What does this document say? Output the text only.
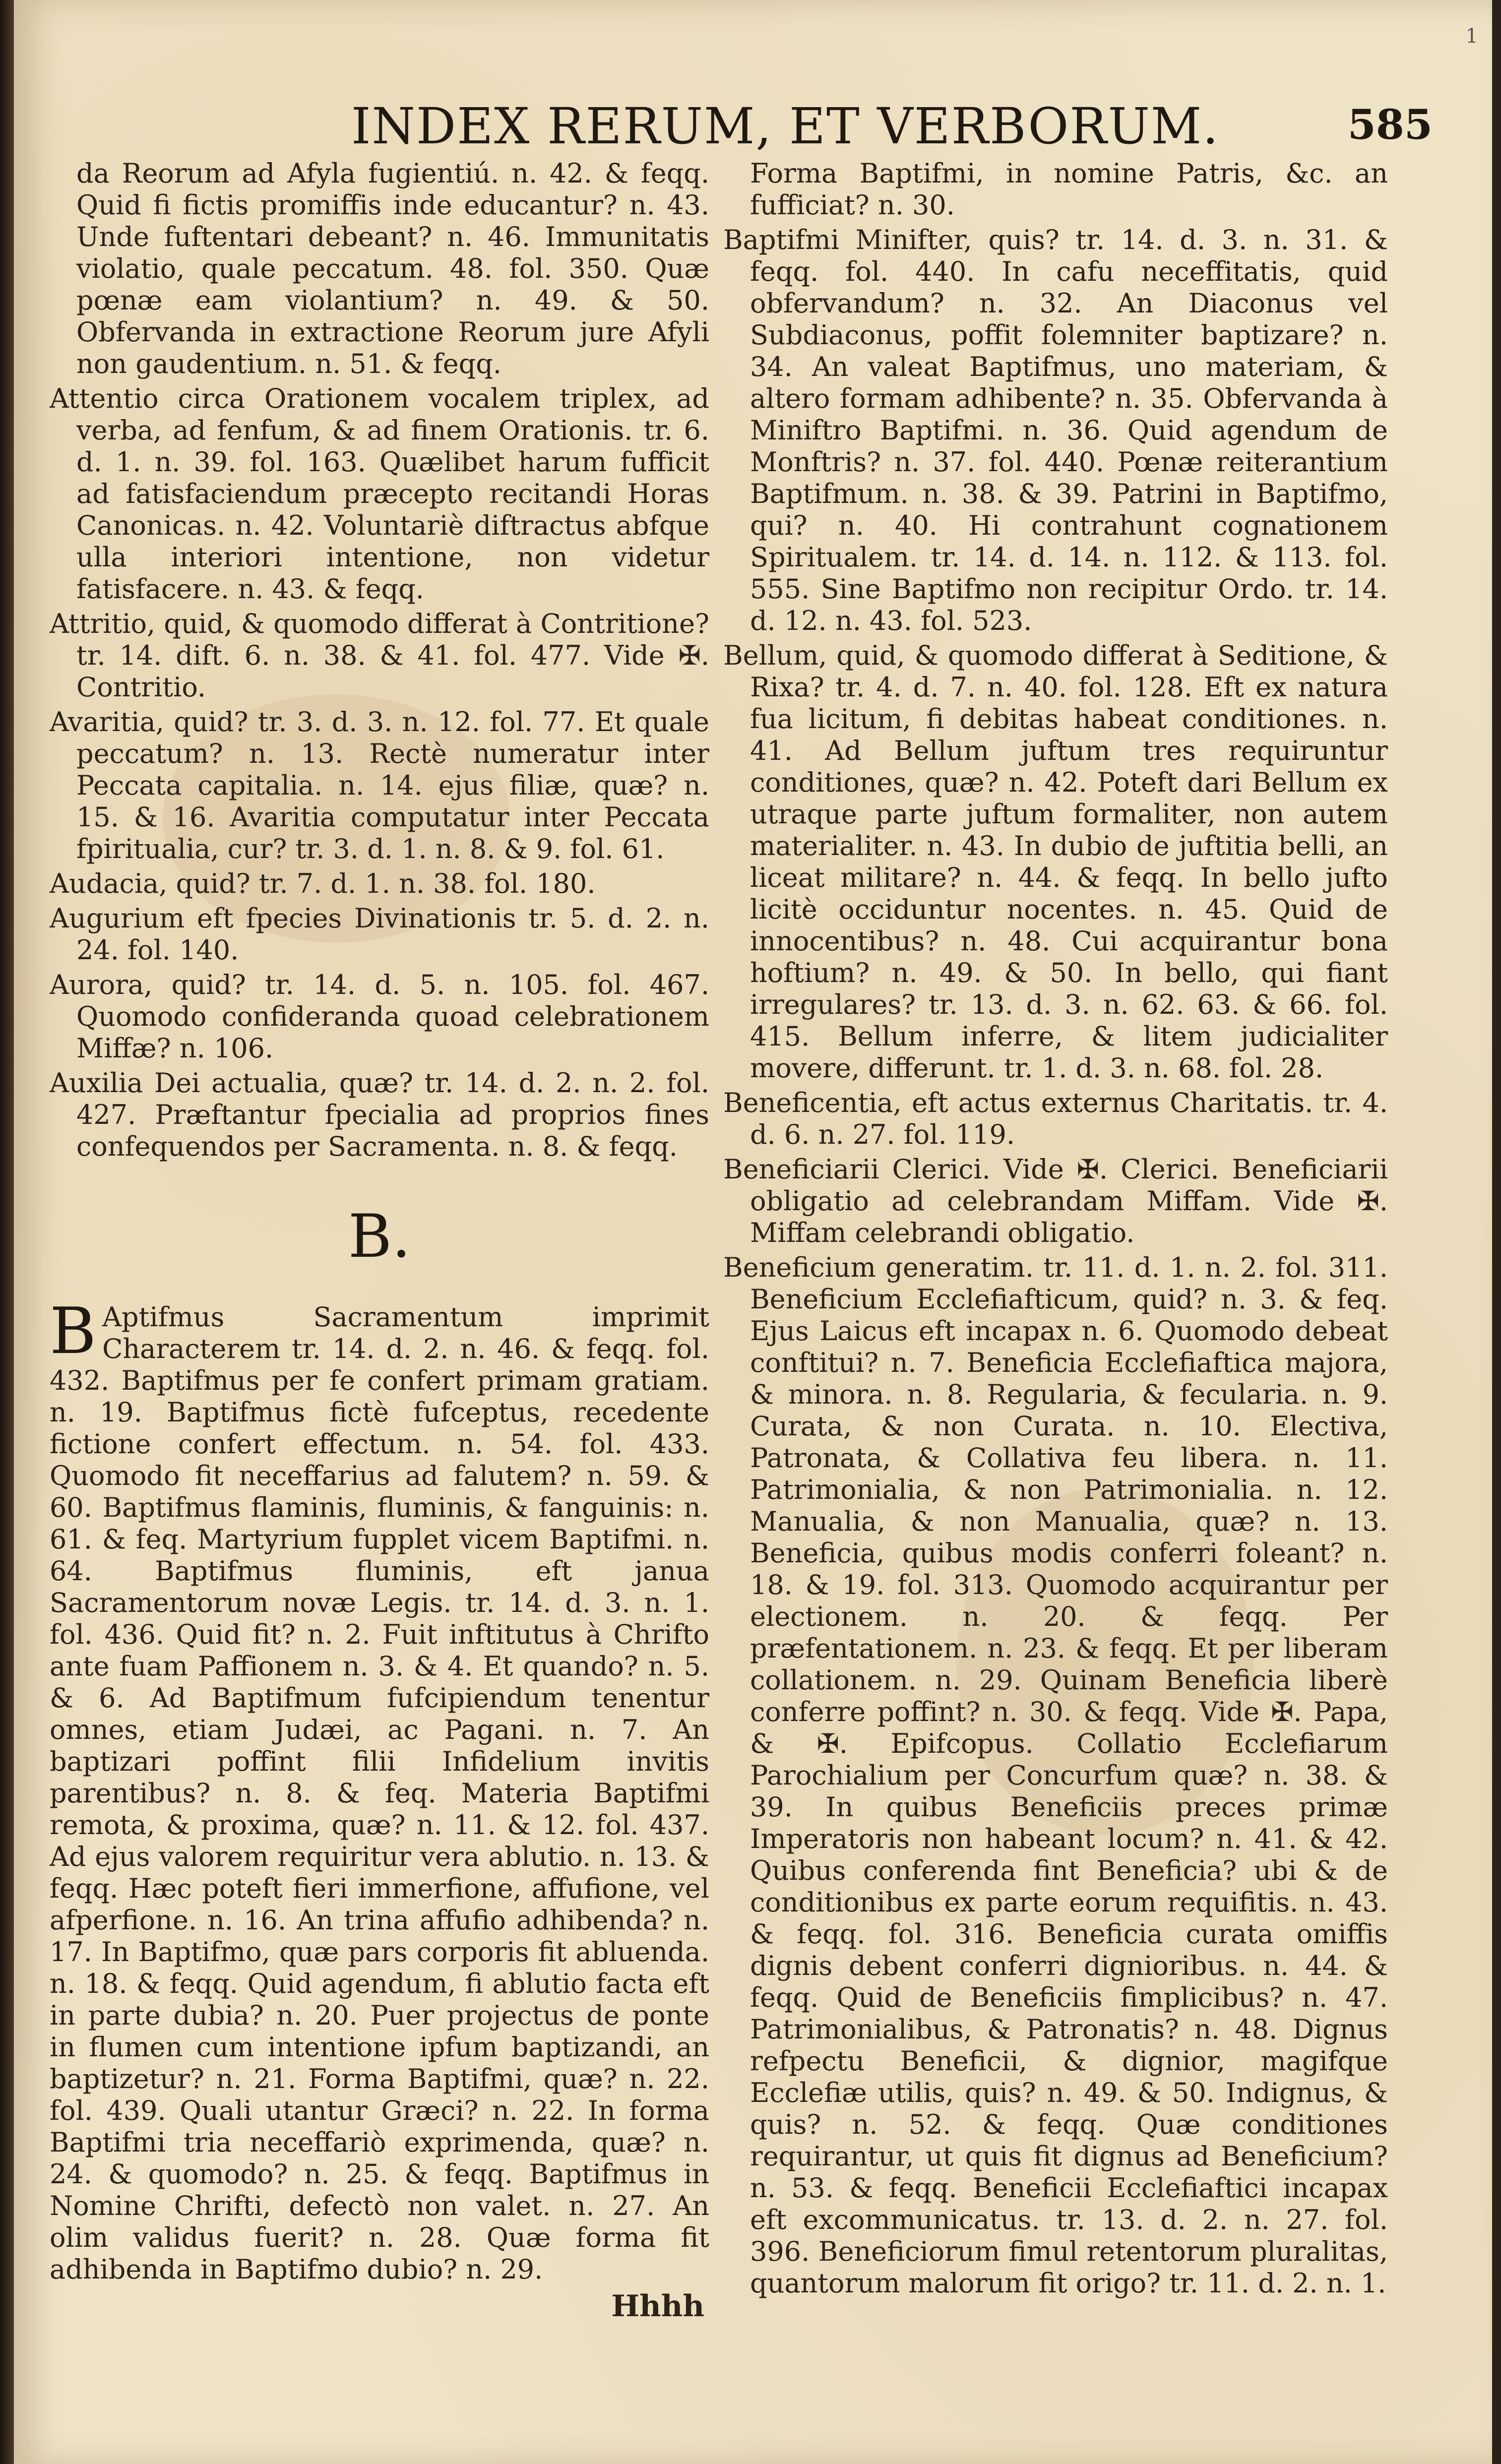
1
INDEX RERUM, ET VERBORUM.	585
da Reorum ad Afyla fugientiú. n. 42. & feqq. Quid fi fictis promiffis inde educantur? n. 43. Unde fuftentari debeant? n. 46. Immunitatis violatio, quale peccatum. 48. fol. 350. Quæ pœnæ eam violantium? n. 49. & 50. Obfervanda in extractione Reorum jure Afyli non gaudentium. n. 51. & feqq.
Attentio circa Orationem vocalem triplex, ad verba, ad fenfum, & ad finem Orationis. tr. 6. d. 1. n. 39. fol. 163. Quælibet harum fufficit ad fatisfaciendum præcepto recitandi Horas Canonicas. n. 42. Voluntariè diftractus abfque ulla interiori intentione, non videtur fatisfacere. n. 43. & feqq.
Attritio, quid, & quomodo differat à Contritione? tr. 14. dift. 6. n. 38. & 41. fol. 477. Vide ✠. Contritio.
Avaritia, quid? tr. 3. d. 3. n. 12. fol. 77. Et quale peccatum? n. 13. Rectè numeratur inter Peccata capitalia. n. 14. ejus filiæ, quæ? n. 15. & 16. Avaritia computatur inter Peccata fpiritualia, cur? tr. 3. d. 1. n. 8. & 9. fol. 61.
Audacia, quid? tr. 7. d. 1. n. 38. fol. 180.
Augurium eft fpecies Divinationis tr. 5. d. 2. n. 24. fol. 140.
Aurora, quid? tr. 14. d. 5. n. 105. fol. 467. Quomodo confideranda quoad celebrationem Miffæ? n. 106.
Auxilia Dei actualia, quæ? tr. 14. d. 2. n. 2. fol. 427. Præftantur fpecialia ad proprios fines confequendos per Sacramenta. n. 8. & feqq.
B.
B Aptifmus Sacramentum imprimit Characterem tr. 14. d. 2. n. 46. & feqq. fol. 432. Baptifmus per fe confert primam gratiam. n. 19. Baptifmus fictè fufceptus, recedente fictione confert effectum. n. 54. fol. 433. Quomodo fit neceffarius ad falutem? n. 59. & 60. Baptifmus flaminis, fluminis, & fanguinis: n. 61. & feq. Martyrium fupplet vicem Baptifmi. n. 64. Baptifmus fluminis, eft janua Sacramentorum novæ Legis. tr. 14. d. 3. n. 1. fol. 436. Quid fit? n. 2. Fuit inftitutus à Chrifto ante fuam Paffionem n. 3. & 4. Et quando? n. 5. & 6. Ad Baptifmum fufcipiendum tenentur omnes, etiam Judæi, ac Pagani. n. 7. An baptizari poffint filii Infidelium invitis parentibus? n. 8. & feq. Materia Baptifmi remota, & proxima, quæ? n. 11. & 12. fol. 437. Ad ejus valorem requiritur vera ablutio. n. 13. & feqq. Hæc poteft fieri immerfione, affufione, vel afperfione. n. 16. An trina affufio adhibenda? n. 17. In Baptifmo, quæ pars corporis fit abluenda. n. 18. & feqq. Quid agendum, fi ablutio facta eft in parte dubia? n. 20. Puer projectus de ponte in flumen cum intentione ipfum baptizandi, an baptizetur? n. 21. Forma Baptifmi, quæ? n. 22. fol. 439. Quali utantur Græci? n. 22. In forma Baptifmi tria neceffariò exprimenda, quæ? n. 24. & quomodo? n. 25. & feqq. Baptifmus in Nomine Chrifti, defectò non valet. n. 27. An olim validus fuerit? n. 28. Quæ forma fit adhibenda in Baptifmo dubio? n. 29.
Hhhh
Forma Baptifmi, in nomine Patris, &c. an fufficiat? n. 30.
Baptifmi Minifter, quis? tr. 14. d. 3. n. 31. & feqq. fol. 440. In cafu neceffitatis, quid obfervandum? n. 32. An Diaconus vel Subdiaconus, poffit folemniter baptizare? n. 34. An valeat Baptifmus, uno materiam, & altero formam adhibente? n. 35. Obfervanda à Miniftro Baptifmi. n. 36. Quid agendum de Monftris? n. 37. fol. 440. Pœnæ reiterantium Baptifmum. n. 38. & 39. Patrini in Baptifmo, qui? n. 40. Hi contrahunt cognationem Spiritualem. tr. 14. d. 14. n. 112. & 113. fol. 555. Sine Baptifmo non recipitur Ordo. tr. 14. d. 12. n. 43. fol. 523.
Bellum, quid, & quomodo differat à Seditione, & Rixa? tr. 4. d. 7. n. 40. fol. 128. Eft ex natura fua licitum, fi debitas habeat conditiones. n. 41. Ad Bellum juftum tres requiruntur conditiones, quæ? n. 42. Poteft dari Bellum ex utraque parte juftum formaliter, non autem materialiter. n. 43. In dubio de juftitia belli, an liceat militare? n. 44. & feqq. In bello jufto licitè occiduntur nocentes. n. 45. Quid de innocentibus? n. 48. Cui acquirantur bona hoftium? n. 49. & 50. In bello, qui fiant irregulares? tr. 13. d. 3. n. 62. 63. & 66. fol. 415. Bellum inferre, & litem judicialiter movere, differunt. tr. 1. d. 3. n. 68. fol. 28.
Beneficentia, eft actus externus Charitatis. tr. 4. d. 6. n. 27. fol. 119.
Beneficiarii Clerici. Vide ✠. Clerici. Beneficiarii obligatio ad celebrandam Miffam. Vide ✠. Miffam celebrandi obligatio.
Beneficium generatim. tr. 11. d. 1. n. 2. fol. 311. Beneficium Ecclefiafticum, quid? n. 3. & feq. Ejus Laicus eft incapax n. 6. Quomodo debeat conftitui? n. 7. Beneficia Ecclefiaftica majora, & minora. n. 8. Regularia, & fecularia. n. 9. Curata, & non Curata. n. 10. Electiva, Patronata, & Collativa feu libera. n. 11. Patrimonialia, & non Patrimonialia. n. 12. Manualia, & non Manualia, quæ? n. 13. Beneficia, quibus modis conferri foleant? n. 18. & 19. fol. 313. Quomodo acquirantur per electionem. n. 20. & feqq. Per præfentationem. n. 23. & feqq. Et per liberam collationem. n. 29. Quinam Beneficia liberè conferre poffint? n. 30. & feqq. Vide ✠. Papa, & ✠. Epifcopus. Collatio Ecclefiarum Parochialium per Concurfum quæ? n. 38. & 39. In quibus Beneficiis preces primæ Imperatoris non habeant locum? n. 41. & 42. Quibus conferenda fint Beneficia? ubi & de conditionibus ex parte eorum requifitis. n. 43. & feqq. fol. 316. Beneficia curata omiffis dignis debent conferri dignioribus. n. 44. & feqq. Quid de Beneficiis fimplicibus? n. 47. Patrimonialibus, & Patronatis? n. 48. Dignus refpectu Beneficii, & dignior, magifque Ecclefiæ utilis, quis? n. 49. & 50. Indignus, & quis? n. 52. & feqq. Quæ conditiones requirantur, ut quis fit dignus ad Beneficium? n. 53. & feqq. Beneficii Ecclefiaftici incapax eft excommunicatus. tr. 13. d. 2. n. 27. fol. 396. Beneficiorum fimul retentorum pluralitas, quantorum malorum fit origo? tr. 11. d. 2. n. 1.
